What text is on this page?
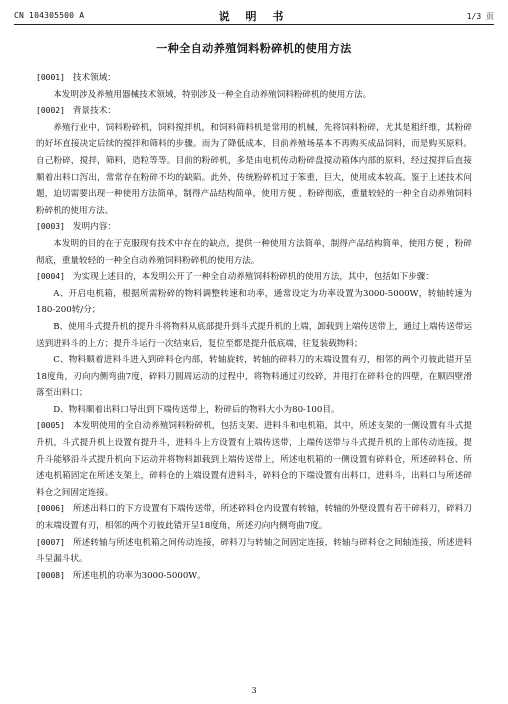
CN 104305500 A	说 明 书	1/3 页
一种全自动养殖饲料粉碎机的使用方法

[0001] 技术领域：

本发明涉及养殖用器械技术领域，特别涉及一种全自动养殖饲料粉碎机的使用方法。

[0002] 背景技术：

养殖行业中，饲料粉碎机，饲料搅拌机，和饲料筛料机是常用的机械，先将饲料粉碎，尤其是粗纤维，其粉碎的好坏直接决定后续的搅拌和筛料的步骤。而为了降低成本，目前养殖场基本不再购买成品饲料，而是购买原料。自己粉碎，搅拌，筛料，造粒等等。目前的粉碎机，多是由电机传动粉碎盘搅动箱体内部的原料，经过搅拌后直接顺着出料口泻出，常常存在粉碎不均的缺陷。此外，传统粉碎机过于笨重，巨大，使用成本较高。鉴于上述技术问题，迫切需要出现一种使用方法简单，制得产品结构简单，使用方便 ，粉碎彻底，重量较轻的一种全自动养殖饲料粉碎机的使用方法。

[0003] 发明内容：

本发明的目的在于克服现有技术中存在的缺点，提供一种使用方法简单，制得产品结构简单，使用方便 ，粉碎彻底，重量较轻的一种全自动养殖饲料粉碎机的使用方法。

[0004] 为实现上述目的，本发明公开了一种全自动养殖饲料粉碎机的使用方法，其中，包括如下步骤：

A、开启电机箱，根据所需粉碎的物料调整转速和功率，通常设定为功率设置为3000-5000W，转轴转速为180-200转/分；

B、使用斗式提升机的提升斗将物料从底部提升到斗式提升机的上端，卸载到上端传送带上，通过上端传送带运送到进料斗的上方；提升斗运行一次结束后，复位至都是提升低底端，往复装载物料；

C、物料顺着进料斗进入到碎料仓内部，转轴旋转，转轴的碎料刀的末端设置有刃，相邻的两个刃彼此错开呈18度角，刃向内侧弯曲7度，碎料刀圆周运动的过程中，将物料通过刃绞碎，并甩打在碎料仓的四壁，在顺四壁滑落至出料口；

D、物料顺着出料口导出到下端传送带上，粉碎后的物料大小为80-100目。

[0005] 本发明使用的全自动养殖饲料粉碎机，包括支架、进料斗和电机箱，其中，所述支架的一侧设置有斗式提升机，斗式提升机上设置有提升斗，进料斗上方设置有上端传送带，上端传送带与斗式提升机的上部传动连接，提升斗能够沿斗式提升机向下运动并将物料卸载到上端传送带上，所述电机箱的一侧设置有碎料仓，所述碎料仓、所述电机箱固定在所述支架上，碎料仓的上端设置有进料斗，碎料仓的下端设置有出料口，进料斗，出料口与所述碎料仓之间固定连接。

[0006] 所述出料口的下方设置有下端传送带，所述碎料仓内设置有转轴，转轴的外壁设置有若干碎料刀，碎料刀的末端设置有刃，相邻的两个刃彼此错开呈18度角，所述刃向内侧弯曲7度。

[0007] 所述转轴与所述电机箱之间传动连接，碎料刀与转轴之间固定连接，转轴与碎料仓之间轴连接，所述进料斗呈漏斗状。

[0008] 所述电机的功率为3000-5000W。

3
